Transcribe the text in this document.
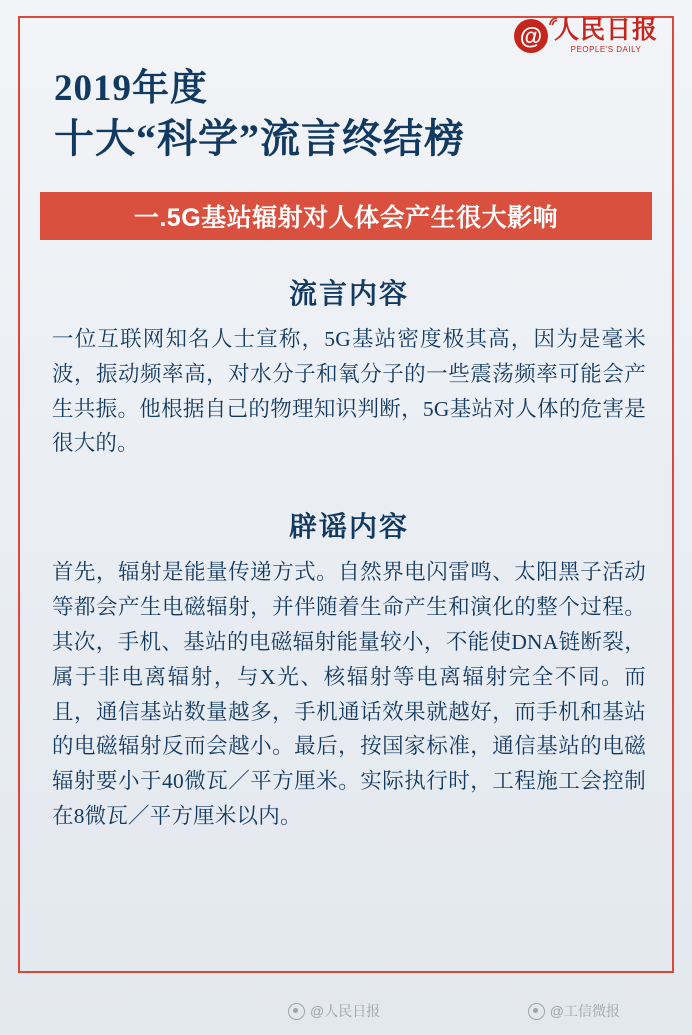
@ 人民日报
PEOPLE'S DAILY
2019年度
十大“科学”流言终结榜
一.5G基站辐射对人体会产生很大影响
流言内容
一位互联网知名人士宣称，5G基站密度极其高，因为是毫米波，振动频率高，对水分子和氧分子的一些震荡频率可能会产生共振。他根据自己的物理知识判断，5G基站对人体的危害是很大的。
辟谣内容
首先，辐射是能量传递方式。自然界电闪雷鸣、太阳黑子活动等都会产生电磁辐射，并伴随着生命产生和演化的整个过程。其次，手机、基站的电磁辐射能量较小，不能使DNA链断裂，属于非电离辐射，与X光、核辐射等电离辐射完全不同。而且，通信基站数量越多，手机通话效果就越好，而手机和基站的电磁辐射反而会越小。最后，按国家标准，通信基站的电磁辐射要小于40微瓦／平方厘米。实际执行时，工程施工会控制在8微瓦／平方厘米以内。
@人民日报	@工信微报
